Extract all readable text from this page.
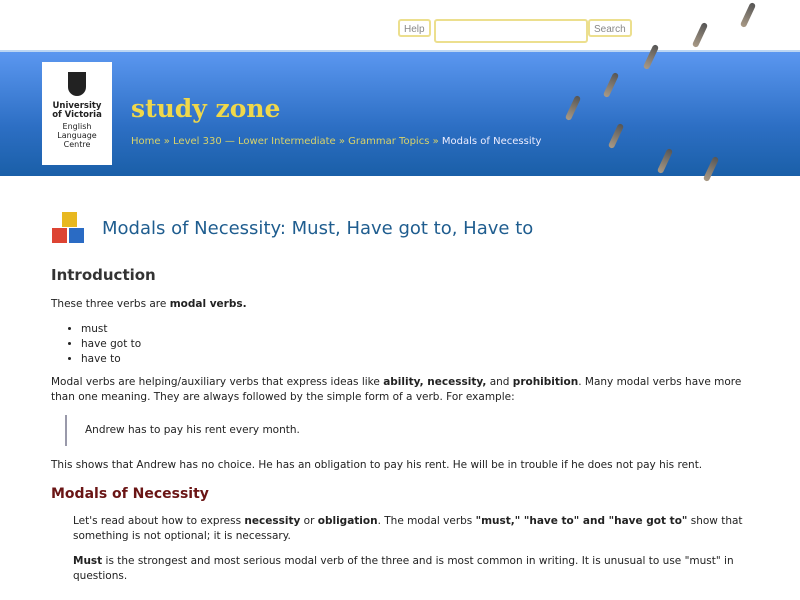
Help	Search
University
of Victoria
English
Language
Centre
study zone
Home » Level 330 — Lower Intermediate » Grammar Topics » Modals of Necessity
Modals of Necessity: Must, Have got to, Have to
Introduction

These three verbs are modal verbs.

• must
• have got to
• have to

Modal verbs are helping/auxiliary verbs that express ideas like ability, necessity, and prohibition. Many modal verbs have more than one meaning. They are always followed by the simple form of a verb. For example:

Andrew has to pay his rent every month.

This shows that Andrew has no choice. He has an obligation to pay his rent. He will be in trouble if he does not pay his rent.

Modals of Necessity

Let's read about how to express necessity or obligation. The modal verbs "must," "have to" and "have got to" show that something is not optional; it is necessary.

Must is the strongest and most serious modal verb of the three and is most common in writing. It is unusual to use "must" in questions.
